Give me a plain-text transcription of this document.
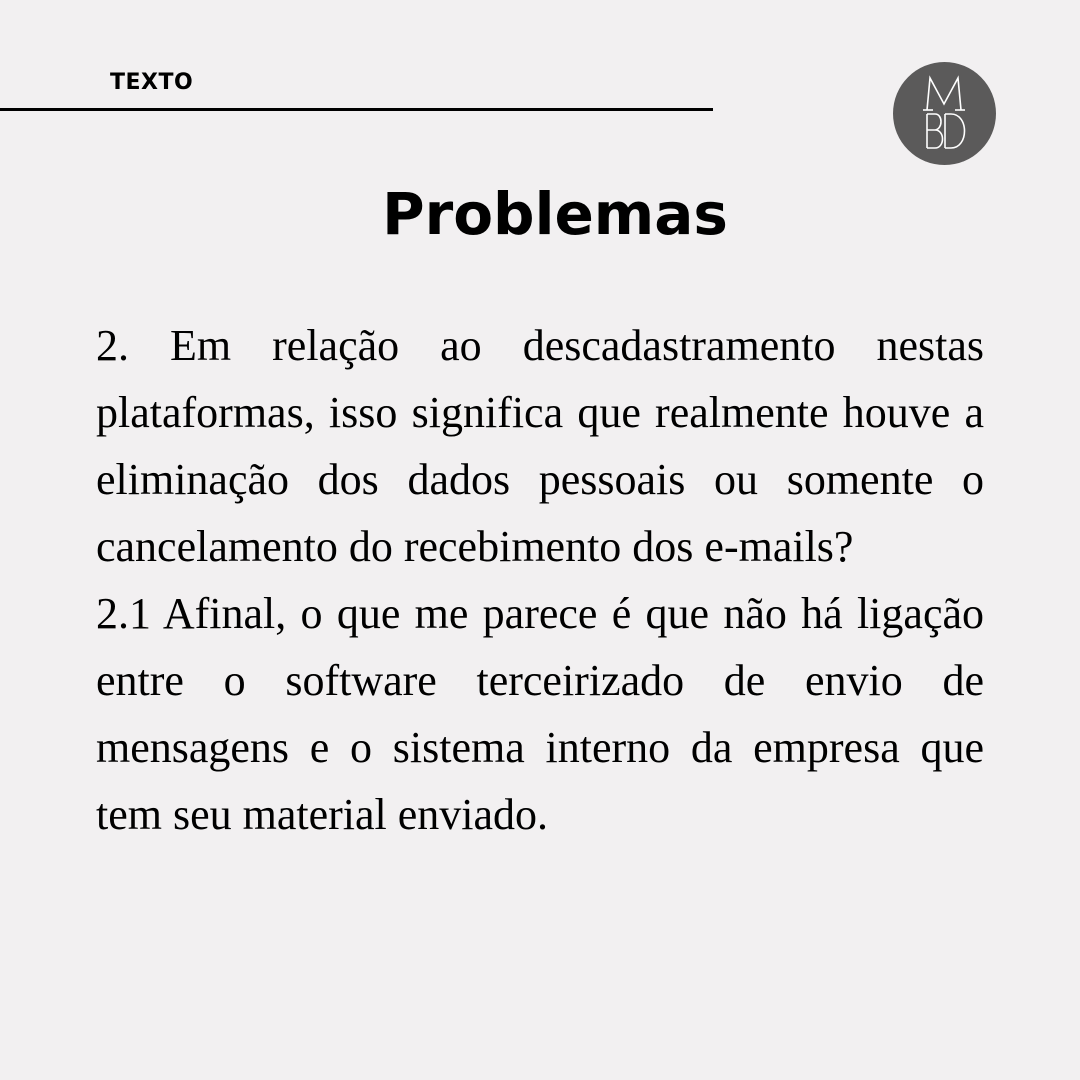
TEXTO
Problemas

2. Em relação ao descadastramento nestas plataformas, isso significa que realmente houve a eliminação dos dados pessoais ou somente o cancelamento do recebimento dos e-mails?

2.1 Afinal, o que me parece é que não há ligação entre o software terceirizado de envio de mensagens e o sistema interno da empresa que tem seu material enviado.
